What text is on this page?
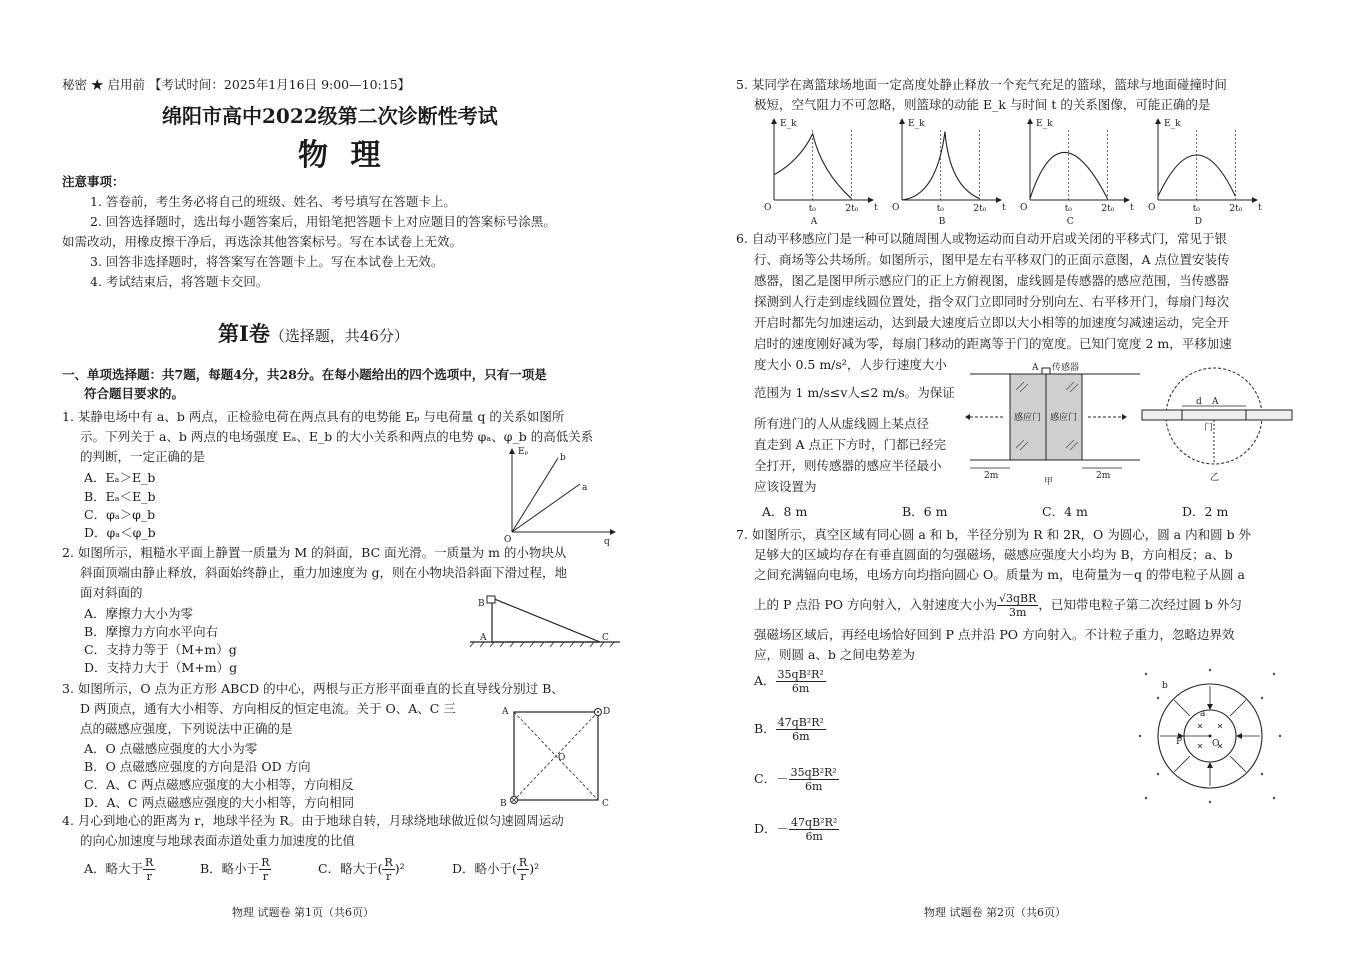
秘密 ★ 启用前 【考试时间：2025年1月16日 9:00—10:15】
绵阳市高中2022级第二次诊断性考试
物 理
注意事项：
1. 答卷前，考生务必将自己的班级、姓名、考号填写在答题卡上。
2. 回答选择题时，选出每小题答案后，用铅笔把答题卡上对应题目的答案标号涂黑。
如需改动，用橡皮擦干净后，再选涂其他答案标号。写在本试卷上无效。
3. 回答非选择题时，将答案写在答题卡上。写在本试卷上无效。
4. 考试结束后，将答题卡交回。
第Ⅰ卷（选择题，共46分）
一、单项选择题：共7题，每题4分，共28分。在每小题给出的四个选项中，只有一项是
符合题目要求的。
1. 某静电场中有 a、b 两点，正检验电荷在两点具有的电势能 Eₚ 与电荷量 q 的关系如图所
示。下列关于 a、b 两点的电场强度 Eₐ、E_b 的大小关系和两点的电势 φₐ、φ_b 的高低关系
的判断，一定正确的是
A．Eₐ＞E_b
B．Eₐ＜E_b
C．φₐ＞φ_b
D．φₐ＜φ_b
Eₚ
q
O
b
a
2. 如图所示，粗糙水平面上静置一质量为 M 的斜面，BC 面光滑。一质量为 m 的小物块从
斜面顶端由静止释放，斜面始终静止，重力加速度为 g，则在小物块沿斜面下滑过程，地
面对斜面的
A．摩擦力大小为零
B．摩擦力方向水平向右
C．支持力等于（M+m）g
D．支持力大于（M+m）g
B
A	C
3. 如图所示，O 点为正方形 ABCD 的中心，两根与正方形平面垂直的长直导线分别过 B、
D 两顶点，通有大小相等、方向相反的恒定电流。关于 O、A、C 三
点的磁感应强度，下列说法中正确的是
A．O 点磁感应强度的大小为零
B．O 点磁感应强度的方向是沿 OD 方向
C．A、C 两点磁感应强度的大小相等，方向相反
D．A、C 两点磁感应强度的大小相等，方向相同
A	D
B	C
O
4. 月心到地心的距离为 r，地球半径为 R。由于地球自转，月球绕地球做近似匀速圆周运动
的向心加速度与地球表面赤道处重力加速度的比值
A．略大于 $\frac{R}{r}$	B．略小于 $\frac{R}{r}$	C．略大于( $\frac{R}{r} )^2$	D．略小于( $\frac{R}{r} )^2$
物理 试题卷 第1页（共6页）
5. 某同学在离篮球场地面一定高度处静止释放一个充气充足的篮球，篮球与地面碰撞时间
极短，空气阻力不可忽略，则篮球的动能 E_k 与时间 t 的关系图像，可能正确的是
O
E_k
t
t₀	2t₀
A
O
E_k
t
t₀	2t₀
B
O
E_k
t
t₀	2t₀
C
O
E_k
t
t₀	2t₀
D
6. 自动平移感应门是一种可以随周围人或物运动而自动开启或关闭的平移式门，常见于银
行、商场等公共场所。如图所示，图甲是左右平移双门的正面示意图，A 点位置安装传
感器，图乙是图甲所示感应门的正上方俯视图，虚线圆是传感器的感应范围，当传感器
探测到人行走到虚线圆位置处，指令双门立即同时分别向左、右平移开门，每扇门每次
开启时都先匀加速运动，达到最大速度后立即以大小相等的加速度匀减速运动，完全开
启时的速度刚好减为零，每扇门移动的距离等于门的宽度。已知门宽度 2 m，平移加速
度大小 0.5 m/s²，人步行速度大小
范围为 1 m/s≤v人≤2 m/s。为保证
所有进门的人从虚线圆上某点径
直走到 A 点正下方时，门都已经完
全打开，则传感器的感应半径最小
应该设置为
A．8 m	B．6 m	C．4 m	D．2 m
A 传感器
感应门 感应门
2m	2m
甲
A
d
门
乙
7. 如图所示，真空区域有同心圆 a 和 b，半径分别为 R 和 2R，O 为圆心，圆 a 内和圆 b 外
足够大的区域均存在有垂直圆面的匀强磁场，磁感应强度大小均为 B，方向相反；a、b
之间充满辐向电场，电场方向均指向圆心 O。质量为 m，电荷量为－q 的带电粒子从圆 a
上的 P 点沿 PO 方向射入，入射速度大小为 $\frac{\text{√3qBR}}{3m}$ ，已知带电粒子第二次经过圆 b 外匀
强磁场区域后，再经电场恰好回到 P 点并沿 PO 方向射入。不计粒子重力，忽略边界效
应，则圆 a、b 之间电势差为
A． $\frac{\text{35qB²R²}}{6m}$
B． $\frac{\text{47qB²R²}}{6m}$
C．－ $\frac{\text{35qB²R²}}{6m}$
D．－ $\frac{\text{47qB²R²}}{6m}$
b
a
P	O
物理 试题卷 第2页（共6页）
